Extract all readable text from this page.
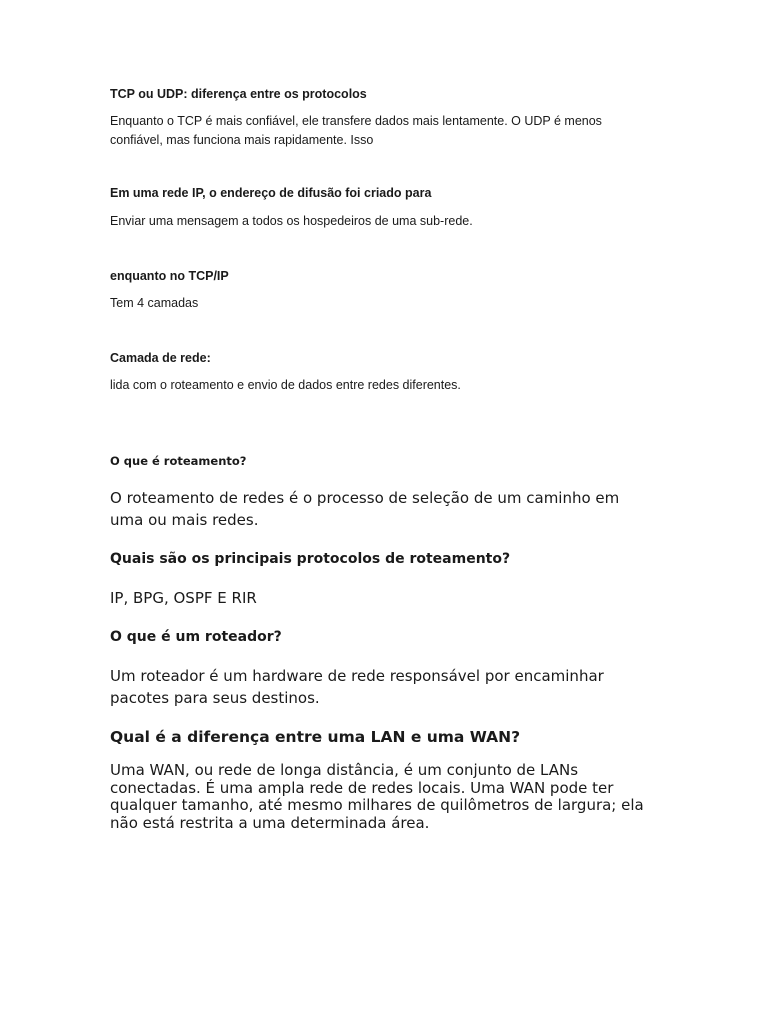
TCP ou UDP: diferença entre os protocolos

Enquanto o TCP é mais confiável, ele transfere dados mais lentamente. O UDP é menos confiável, mas funciona mais rapidamente. Isso

Em uma rede IP, o endereço de difusão foi criado para

Enviar uma mensagem a todos os hospedeiros de uma sub-rede.

enquanto no TCP/IP

Tem 4 camadas

Camada de rede:

lida com o roteamento e envio de dados entre redes diferentes.

O que é roteamento?

O roteamento de redes é o processo de seleção de um caminho em uma ou mais redes.

Quais são os principais protocolos de roteamento?

IP, BPG, OSPF E RIR

O que é um roteador?

Um roteador é um hardware de rede responsável por encaminhar pacotes para seus destinos.

Qual é a diferença entre uma LAN e uma WAN?

Uma WAN, ou rede de longa distância, é um conjunto de LANs conectadas. É uma ampla rede de redes locais. Uma WAN pode ter qualquer tamanho, até mesmo milhares de quilômetros de largura; ela não está restrita a uma determinada área.
